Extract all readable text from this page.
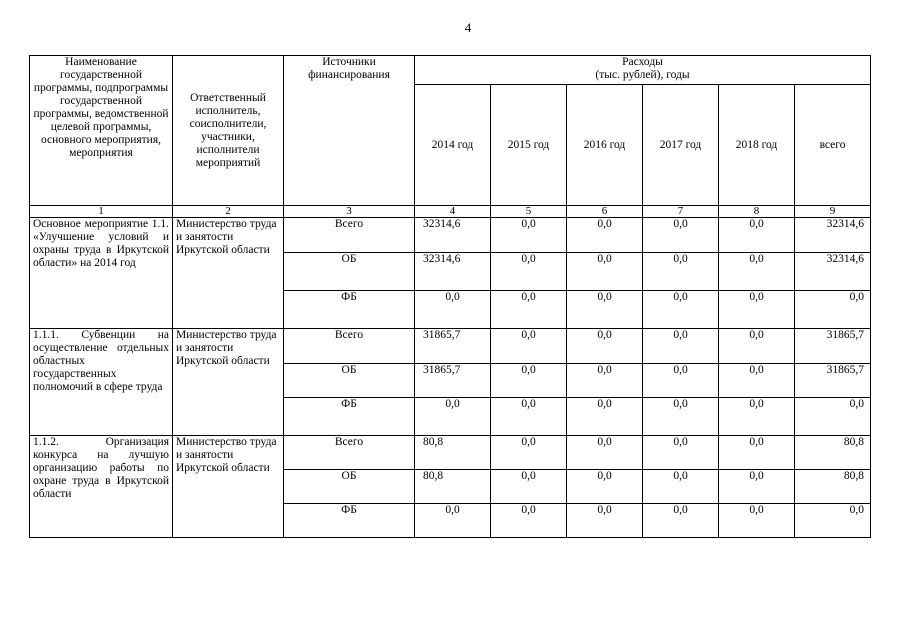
4
Наименование государственной программы, подпрограммы государственной программы, ведомственной целевой программы, основного мероприятия, мероприятия	Ответственный исполнитель, соисполнители, участники, исполнители мероприятий	Источники финансирования	Расходы
(тыс. рублей), годы					

			2014 год	2015 год	2016 год	2017 год	2018 год	всего
1	2	3	4	5	6	7	8	9
Основное мероприятие 1.1. «Улучшение условий и охраны труда в Иркутской области» на 2014 год	Министерство труда и занятости Иркутской области	Всего	32314,6	0,0	0,0	0,0	0,0	32314,6
		ОБ	32314,6	0,0	0,0	0,0	0,0	32314,6
		ФБ	0,0	0,0	0,0	0,0	0,0	0,0
1.1.1. Субвенции на осуществление отдельных областных государственных полномочий в сфере труда	Министерство труда и занятости Иркутской области	Всего	31865,7	0,0	0,0	0,0	0,0	31865,7
		ОБ	31865,7	0,0	0,0	0,0	0,0	31865,7
		ФБ	0,0	0,0	0,0	0,0	0,0	0,0
1.1.2. Организация конкурса на лучшую организацию работы по охране труда в Иркутской области	Министерство труда и занятости Иркутской области	Всего	80,8	0,0	0,0	0,0	0,0	80,8
		ОБ	80,8	0,0	0,0	0,0	0,0	80,8
		ФБ	0,0	0,0	0,0	0,0	0,0	0,0
